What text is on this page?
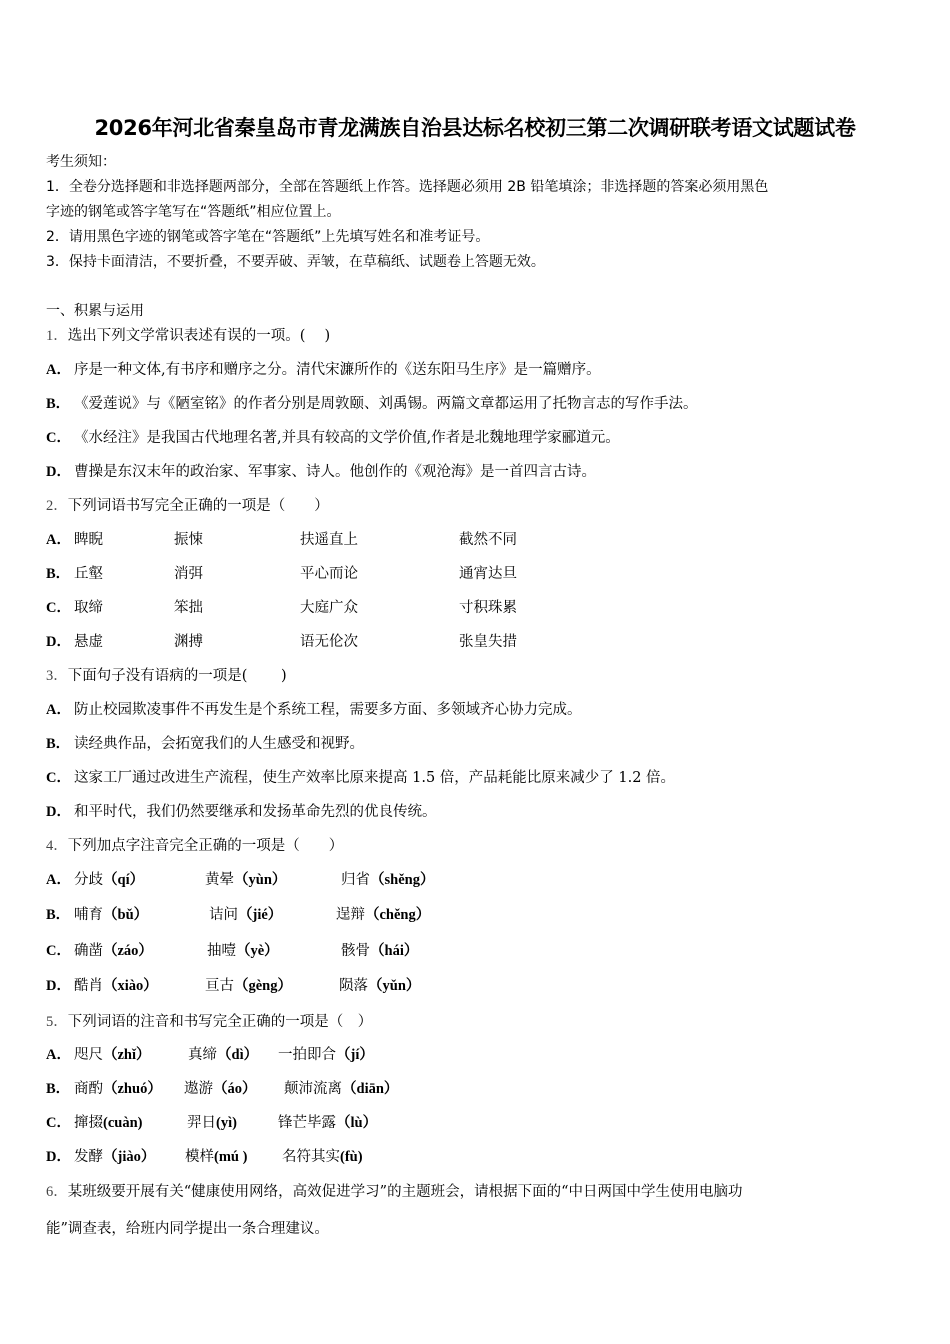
2026年河北省秦皇岛市青龙满族自治县达标名校初三第二次调研联考语文试题试卷
考生须知：
1．全卷分选择题和非选择题两部分，全部在答题纸上作答。选择题必须用 2B 铅笔填涂；非选择题的答案必须用黑色
字迹的钢笔或答字笔写在“答题纸”相应位置上。
2．请用黑色字迹的钢笔或答字笔在“答题纸”上先填写姓名和准考证号。
3．保持卡面清洁，不要折叠，不要弄破、弄皱，在草稿纸、试题卷上答题无效。
一、积累与运用
1．选出下列文学常识表述有误的一项。(　 )
A． 序是一种文体,有书序和赠序之分。清代宋濂所作的《送东阳马生序》是一篇赠序。
B． 《爱莲说》与《陋室铭》的作者分别是周敦颐、刘禹锡。两篇文章都运用了托物言志的写作手法。
C． 《水经注》是我国古代地理名著,并具有较高的文学价值,作者是北魏地理学家郦道元。
D． 曹操是东汉末年的政治家、军事家、诗人。他创作的《观沧海》是一首四言古诗。
2．下列词语书写完全正确的一项是（　　）
A． 睥睨	振悚	扶遥直上	截然不同
B． 丘壑	消弭	平心而论	通宵达旦
C． 取缔	笨拙	大庭广众	寸积珠累
D． 悬虚	渊搏	语无伦次	张皇失措
3．下面句子没有语病的一项是(　　 )
A． 防止校园欺凌事件不再发生是个系统工程，需要多方面、多领域齐心协力完成。
B． 读经典作品，会拓宽我们的人生感受和视野。
C． 这家工厂通过改进生产流程，使生产效率比原来提高 1.5 倍，产品耗能比原来减少了 1.2 倍。
D． 和平时代，我们仍然要继承和发扬革命先烈的优良传统。
4．下列加点字注音完全正确的一项是（　　）
A． 分歧（qí）	黄晕（yùn）	归省（shěng）
B． 哺育（bǔ）	诘问（jié）	逞辩（chěng）
C． 确凿（záo）	抽噎（yè）	骸骨（hái）
D． 酷肖（xiào）	亘古（gèng）	陨落（yǔn）
5．下列词语的注音和书写完全正确的一项是（　）
A． 咫尺（zhǐ）	真缔（dì） 一拍即合（jí）
B． 商酌（zhuó） 遨游（áo） 颠沛流离（diān）
C． 撺掇(cuàn)	羿日(yì)	锋芒毕露（lù）
D． 发酵（jiào） 模样(mú ) 名符其实(fù)
6．某班级要开展有关“健康使用网络，高效促进学习”的主题班会，请根据下面的“中日两国中学生使用电脑功
能”调查表，给班内同学提出一条合理建议。
